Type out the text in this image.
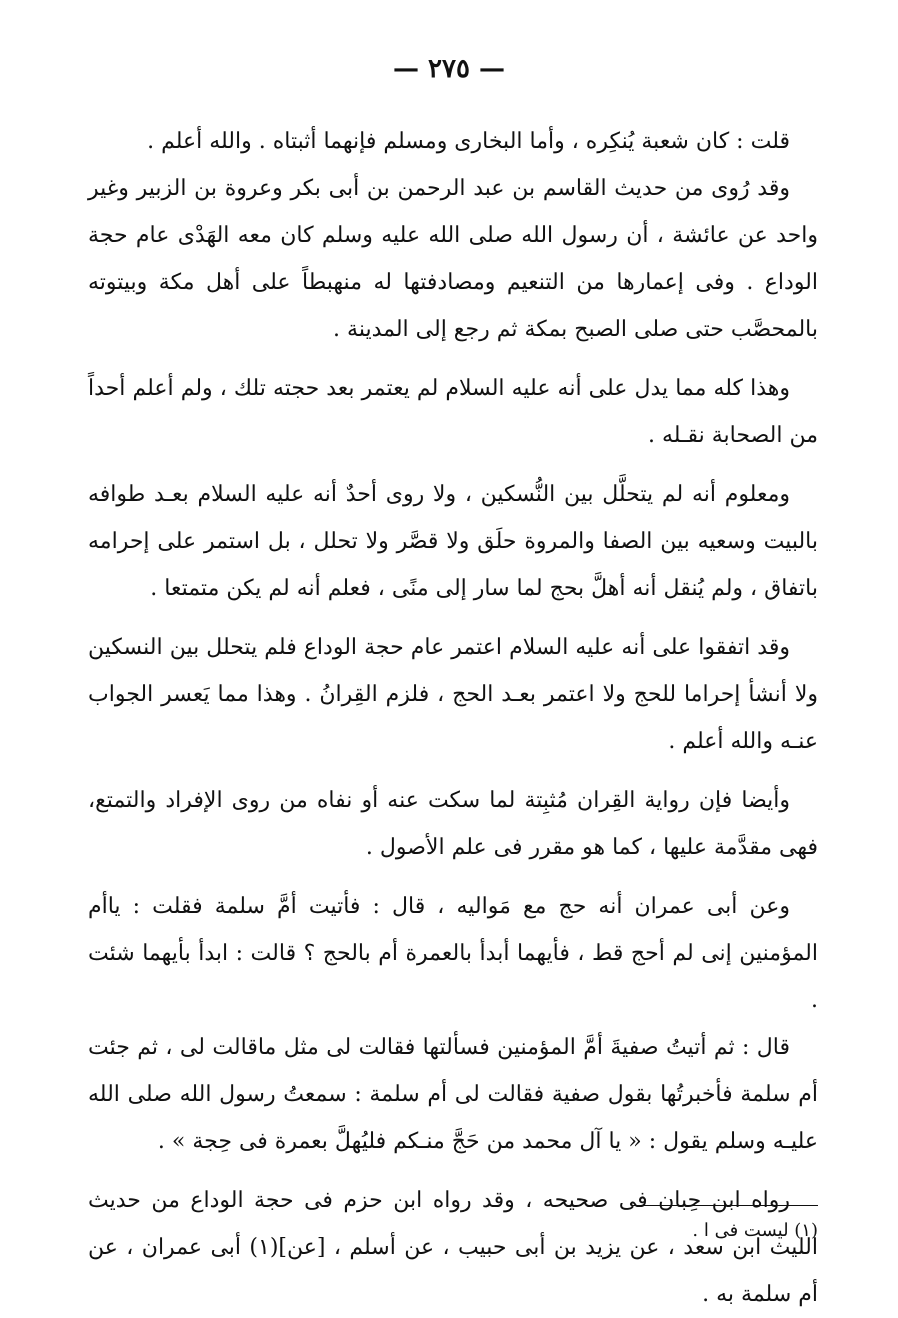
— ٢٧٥ —

قلت : كان شعبة يُنكِره ، وأما البخارى ومسلم فإنهما أثبتاه . والله أعلم .

وقد رُوى من حديث القاسم بن عبد الرحمن بن أبى بكر وعروة بن الزبير وغير واحد عن عائشة ، أن رسول الله صلى الله عليه وسلم كان معه الهَدْى عام حجة الوداع . وفى إعمارها من التنعيم ومصادفتها له منهبطاً على أهل مكة وبيتوته بالمحصَّب حتى صلى الصبح بمكة ثم رجع إلى المدينة .

وهذا كله مما يدل على أنه عليه السلام لم يعتمر بعد حجته تلك ، ولم أعلم أحداً من الصحابة نقـله .

ومعلوم أنه لم يتحلَّل بين النُّسكين ، ولا روى أحدٌ أنه عليه السلام بعـد طوافه بالبيت وسعيه بين الصفا والمروة حلَق ولا قصَّر ولا تحلل ، بل استمر على إحرامه باتفاق ، ولم يُنقل أنه أهلَّ بحج لما سار إلى منًى ، فعلم أنه لم يكن متمتعا .

وقد اتفقوا على أنه عليه السلام اعتمر عام حجة الوداع فلم يتحلل بين النسكين ولا أنشأ إحراما للحج ولا اعتمر بعـد الحج ، فلزم القِرانُ . وهذا مما يَعسر الجواب عنـه والله أعلم .

وأيضا فإن رواية القِران مُثبِتة لما سكت عنه أو نفاه من روى الإفراد والتمتع، فهى مقدَّمة عليها ، كما هو مقرر فى علم الأصول .

وعن أبى عمران أنه حج مع مَواليه ، قال : فأتيت أمَّ سلمة فقلت : ياأم المؤمنين إنى لم أحج قط ، فأيهما أبدأ بالعمرة أم بالحج ؟ قالت : ابدأ بأيهما شئت .

قال : ثم أتيتُ صفيةَ أمَّ المؤمنين فسألتها فقالت لى مثل ماقالت لى ، ثم جئت أم سلمة فأخبرتُها بقول صفية فقالت لى أم سلمة : سمعتُ رسول الله صلى الله عليـه وسلم يقول : « يا آل محمد من حَجَّ منـكم فليُهلَّ بعمرة فى حِجة » .

رواه ابن حِبان فى صحيحه ، وقد رواه ابن حزم فى حجة الوداع من حديث الليث ابن سعد ، عن يزيد بن أبى حبيب ، عن أسلم ، [عن](١) أبى عمران ، عن أم سلمة به .

(١) ليست فى ا .
